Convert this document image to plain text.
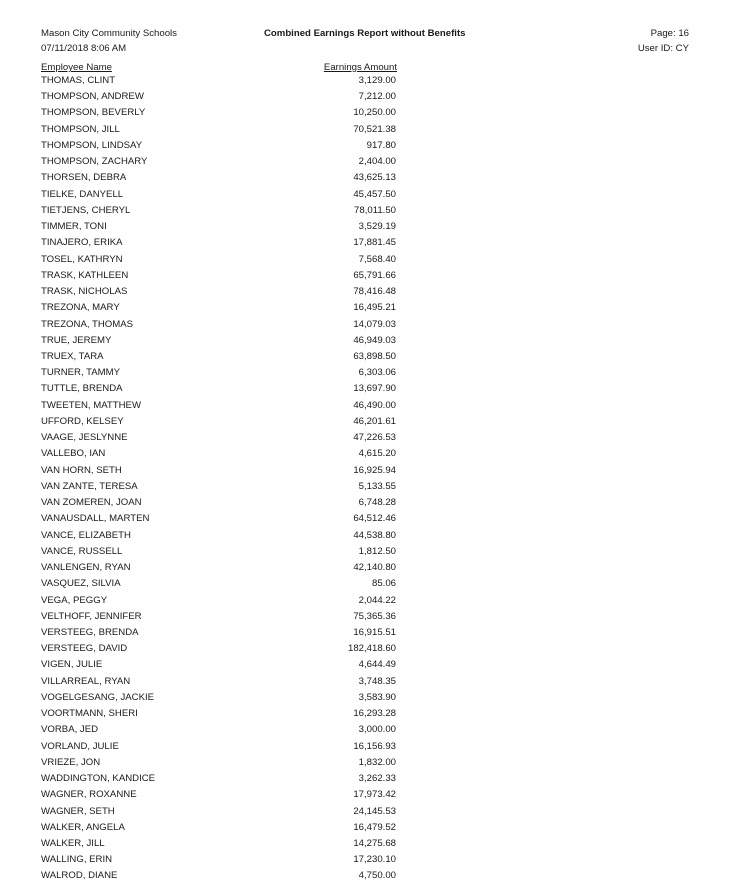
Mason City Community Schools
07/11/2018 8:06 AM
Combined Earnings Report without Benefits	Page: 16
User ID: CY
Employee Name	Earnings Amount
THOMAS, CLINT	3,129.00
THOMPSON, ANDREW	7,212.00
THOMPSON, BEVERLY	10,250.00
THOMPSON, JILL	70,521.38
THOMPSON, LINDSAY	917.80
THOMPSON, ZACHARY	2,404.00
THORSEN, DEBRA	43,625.13
TIELKE, DANYELL	45,457.50
TIETJENS, CHERYL	78,011.50
TIMMER, TONI	3,529.19
TINAJERO, ERIKA	17,881.45
TOSEL, KATHRYN	7,568.40
TRASK, KATHLEEN	65,791.66
TRASK, NICHOLAS	78,416.48
TREZONA, MARY	16,495.21
TREZONA, THOMAS	14,079.03
TRUE, JEREMY	46,949.03
TRUEX, TARA	63,898.50
TURNER, TAMMY	6,303.06
TUTTLE, BRENDA	13,697.90
TWEETEN, MATTHEW	46,490.00
UFFORD, KELSEY	46,201.61
VAAGE, JESLYNNE	47,226.53
VALLEBO, IAN	4,615.20
VAN HORN, SETH	16,925.94
VAN ZANTE, TERESA	5,133.55
VAN ZOMEREN, JOAN	6,748.28
VANAUSDALL, MARTEN	64,512.46
VANCE, ELIZABETH	44,538.80
VANCE, RUSSELL	1,812.50
VANLENGEN, RYAN	42,140.80
VASQUEZ, SILVIA	85.06
VEGA, PEGGY	2,044.22
VELTHOFF, JENNIFER	75,365.36
VERSTEEG, BRENDA	16,915.51
VERSTEEG, DAVID	182,418.60
VIGEN, JULIE	4,644.49
VILLARREAL, RYAN	3,748.35
VOGELGESANG, JACKIE	3,583.90
VOORTMANN, SHERI	16,293.28
VORBA, JED	3,000.00
VORLAND, JULIE	16,156.93
VRIEZE, JON	1,832.00
WADDINGTON, KANDICE	3,262.33
WAGNER, ROXANNE	17,973.42
WAGNER, SETH	24,145.53
WALKER, ANGELA	16,479.52
WALKER, JILL	14,275.68
WALLING, ERIN	17,230.10
WALROD, DIANE	4,750.00
